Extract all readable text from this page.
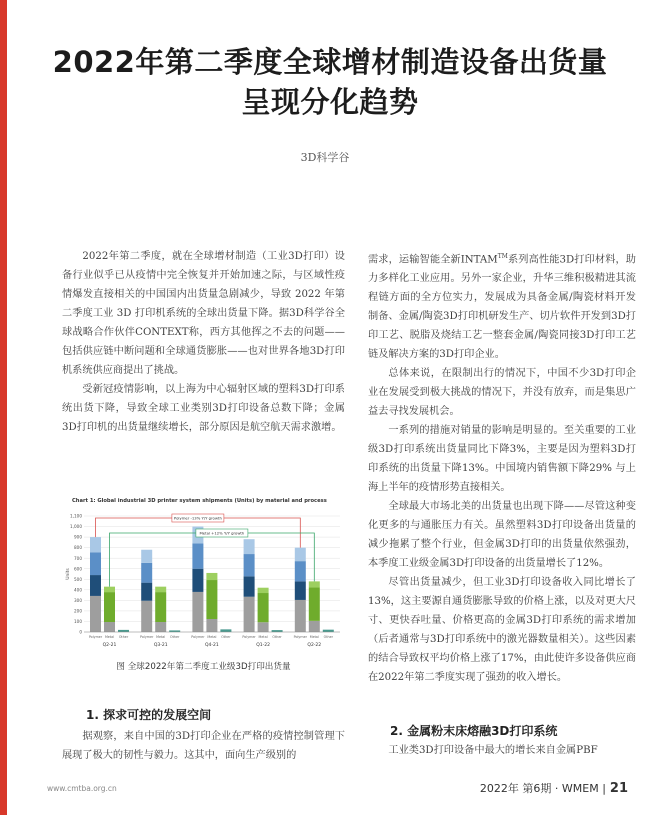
2022年第二季度全球增材制造设备出货量
呈现分化趋势
3D科学谷

2022年第二季度，就在全球增材制造（工业3D打印）设备行业似乎已从疫情中完全恢复并开始加速之际，与区域性疫情爆发直接相关的中国国内出货量急剧减少，导致 2022 年第二季度工业 3D 打印机系统的全球出货量下降。据3D科学谷全球战略合作伙伴CONTEXT称，西方其他挥之不去的问题——包括供应链中断问题和全球通货膨胀——也对世界各地3D打印机系统供应商提出了挑战。

受新冠疫情影响，以上海为中心辐射区域的塑料3D打印系统出货下降，导致全球工业类别3D打印设备总数下降；金属3D打印机的出货量继续增长，部分原因是航空航天需求激增。

Chart 1: Global industrial 3D printer system shipments (Units) by material and process
0
100
200
300
400
500
600
700
800
900
1,000
1,100
Units
Polymer Metal Other
Q2-21
Polymer Metal Other
Q3-21
Polymer Metal Other
Q4-21
Polymer Metal Other
Q1-22
Polymer Metal Other
Q2-22
Polymer -13% Y/Y growth
Metal +12% Y/Y growth
图 全球2022年第二季度工业级3D打印出货量
1. 探求可控的发展空间

据观察，来自中国的3D打印企业在严格的疫情控制管理下展现了极大的韧性与毅力。这其中，面向生产级别的

需求，运输智能全新INTAM™系列高性能3D打印材料，助力多样化工业应用。另外一家企业，升华三维积极精进其流程链方面的全方位实力，发展成为具备金属/陶瓷材料开发制备、金属/陶瓷3D打印机研发生产、切片软件开发到3D打印工艺、脱脂及烧结工艺一整套金属/陶瓷同接3D打印工艺链及解决方案的3D打印企业。

总体来说，在限制出行的情况下，中国不少3D打印企业在发展受到极大挑战的情况下，并没有放弃，而是集思广益去寻找发展机会。

一系列的措施对销量的影响是明显的。至关重要的工业级3D打印系统出货量同比下降3%，主要是因为塑料3D打印系统的出货量下降13%。中国境内销售额下降29% 与上海上半年的疫情形势直接相关。

全球最大市场北美的出货量也出现下降——尽管这种变化更多的与通胀压力有关。虽然塑料3D打印设备出货量的减少拖累了整个行业，但金属3D打印的出货量依然强劲，本季度工业级金属3D打印设备的出货量增长了12%。

尽管出货量减少，但工业3D打印设备收入同比增长了13%，这主要源自通货膨胀导致的价格上涨，以及对更大尺寸、更快吞吐量、价格更高的金属3D打印系统的需求增加（后者通常与3D打印系统中的激光器数量相关）。这些因素的结合导致权平均价格上涨了17%，由此使许多设备供应商在2022年第二季度实现了强劲的收入增长。

2. 金属粉末床熔融3D打印系统

工业类3D打印设备中最大的增长来自金属PBF

www.cmtba.org.cn	2022年 第6期 · WMEM | 21
